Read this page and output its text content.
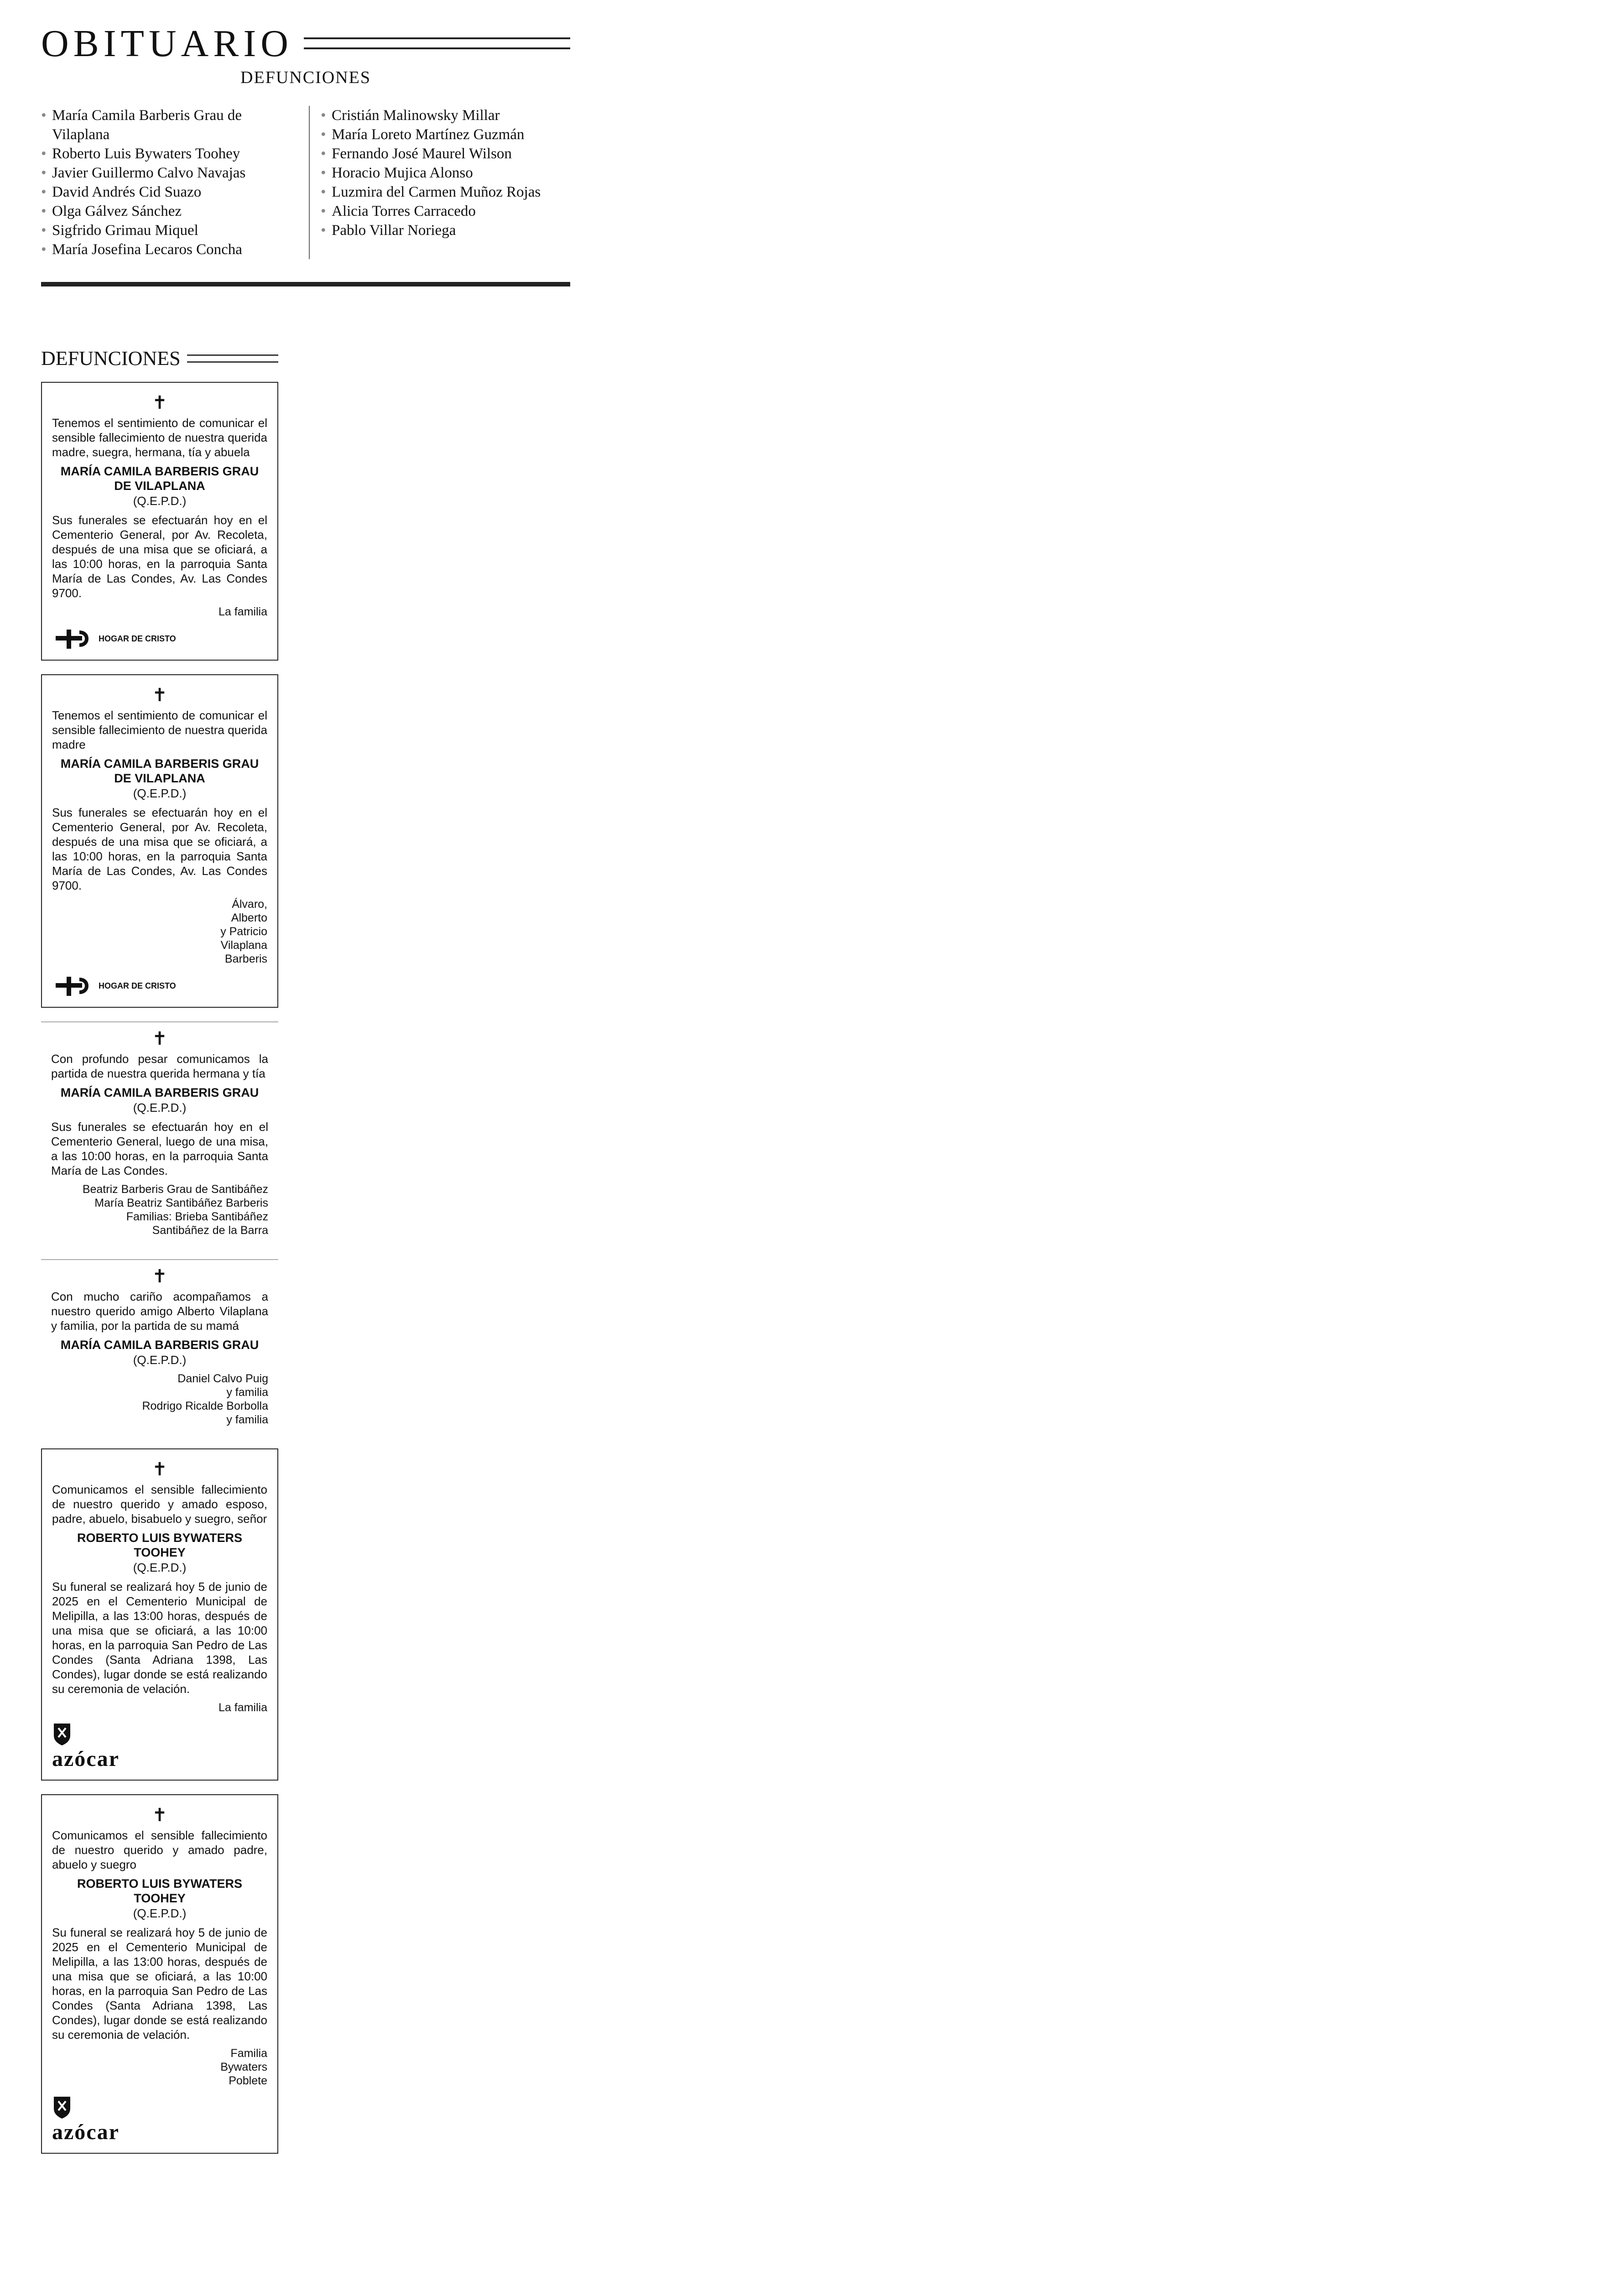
OBITUARIO
DEFUNCIONES
• María Camila Barberis Grau de Vilaplana
• Roberto Luis Bywaters Toohey
• Javier Guillermo Calvo Navajas
• David Andrés Cid Suazo
• Olga Gálvez Sánchez
• Sigfrido Grimau Miquel
• María Josefina Lecaros Concha
• Cristián Malinowsky Millar
• María Loreto Martínez Guzmán
• Fernando José Maurel Wilson
• Horacio Mujica Alonso
• Luzmira del Carmen Muñoz Rojas
• Alicia Torres Carracedo
• Pablo Villar Noriega
DEFUNCIONES
✝
Tenemos el sentimiento de comunicar el sensible fallecimiento de nuestra querida madre, suegra, hermana, tía y abuela
MARÍA CAMILA BARBERIS GRAU DE VILAPLANA
(Q.E.P.D.)
Sus funerales se efectuarán hoy en el Cementerio General, por Av. Recoleta, después de una misa que se oficiará, a las 10:00 horas, en la parroquia Santa María de Las Condes, Av. Las Condes 9700.
La familia
HOGAR DE CRISTO
✝
Tenemos el sentimiento de comunicar el sensible fallecimiento de nuestra querida madre
MARÍA CAMILA BARBERIS GRAU DE VILAPLANA
(Q.E.P.D.)
Sus funerales se efectuarán hoy en el Cementerio General, por Av. Recoleta, después de una misa que se oficiará, a las 10:00 horas, en la parroquia Santa María de Las Condes, Av. Las Condes 9700.
Álvaro,
Alberto
y Patricio
Vilaplana
Barberis
HOGAR DE CRISTO
✝
Con profundo pesar comunicamos la partida de nuestra querida hermana y tía
MARÍA CAMILA BARBERIS GRAU
(Q.E.P.D.)
Sus funerales se efectuarán hoy en el Cementerio General, luego de una misa, a las 10:00 horas, en la parroquia Santa María de Las Condes.
Beatriz Barberis Grau de Santibáñez
María Beatriz Santibáñez Barberis
Familias: Brieba Santibáñez
Santibáñez de la Barra
✝
Con mucho cariño acompañamos a nuestro querido amigo Alberto Vilaplana y familia, por la partida de su mamá
MARÍA CAMILA BARBERIS GRAU
(Q.E.P.D.)
Daniel Calvo Puig
y familia
Rodrigo Ricalde Borbolla
y familia
✝
Comunicamos el sensible fallecimiento de nuestro querido y amado esposo, padre, abuelo, bisabuelo y suegro, señor
ROBERTO LUIS BYWATERS TOOHEY
(Q.E.P.D.)
Su funeral se realizará hoy 5 de junio de 2025 en el Cementerio Municipal de Melipilla, a las 13:00 horas, después de una misa que se oficiará, a las 10:00 horas, en la parroquia San Pedro de Las Condes (Santa Adriana 1398, Las Condes), lugar donde se está realizando su ceremonia de velación.
La familia
azócar
✝
Comunicamos el sensible fallecimiento de nuestro querido y amado padre, abuelo y suegro
ROBERTO LUIS BYWATERS TOOHEY
(Q.E.P.D.)
Su funeral se realizará hoy 5 de junio de 2025 en el Cementerio Municipal de Melipilla, a las 13:00 horas, después de una misa que se oficiará, a las 10:00 horas, en la parroquia San Pedro de Las Condes (Santa Adriana 1398, Las Condes), lugar donde se está realizando su ceremonia de velación.
Familia
Bywaters
Poblete
azócar
